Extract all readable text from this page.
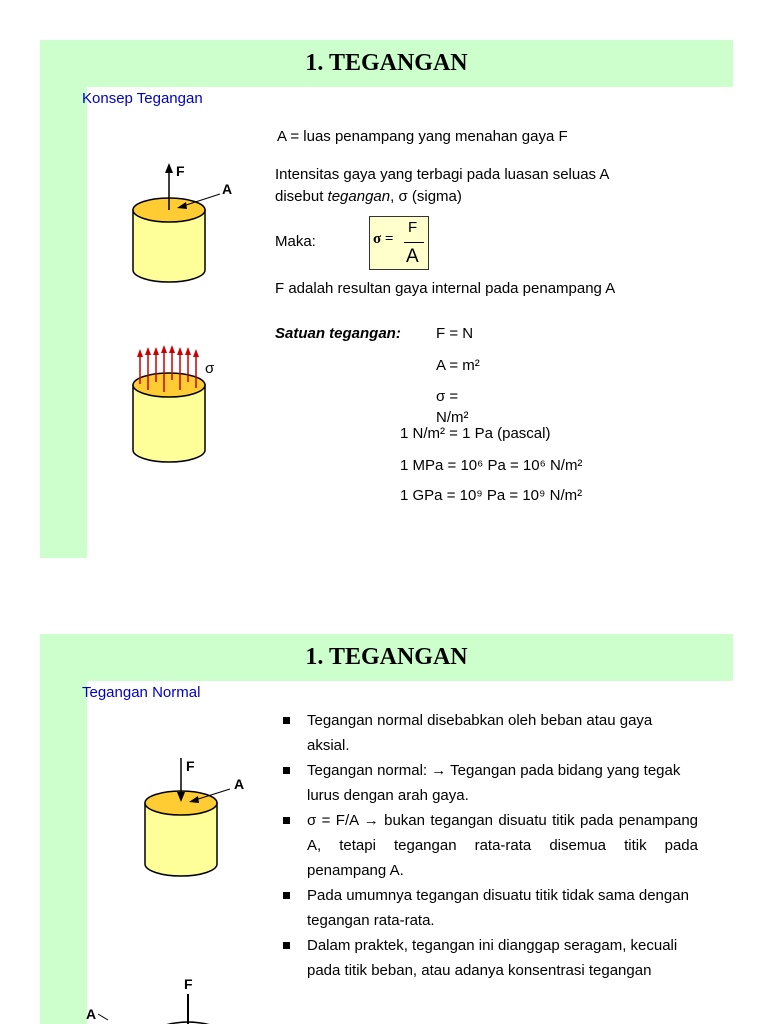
1. TEGANGAN
Konsep Tegangan
F
A
σ
A = luas penampang yang menahan gaya F
Intensitas gaya yang terbagi pada luasan seluas A
disebut tegangan, σ (sigma)
Maka:	σ =
F
A
F adalah resultan gaya internal pada penampang A
Satuan tegangan: F = N
A = m²
σ =
N/m²
1 N/m² = 1 Pa (pascal)
1 MPa = 10⁶ Pa = 10⁶ N/m²
1 GPa = 10⁹ Pa = 10⁹ N/m²
1. TEGANGAN
Tegangan Normal
F
A
F
A
Tegangan normal disebabkan oleh beban atau gaya aksial.
Tegangan normal: → Tegangan pada bidang yang tegak lurus dengan arah gaya.
σ = F/A → bukan tegangan disuatu titik pada penampang A, tetapi tegangan rata-rata disemua titik pada penampang A.
Pada umumnya tegangan disuatu titik tidak sama dengan tegangan rata-rata.
Dalam praktek, tegangan ini dianggap seragam, kecuali pada titik beban, atau adanya konsentrasi tegangan
